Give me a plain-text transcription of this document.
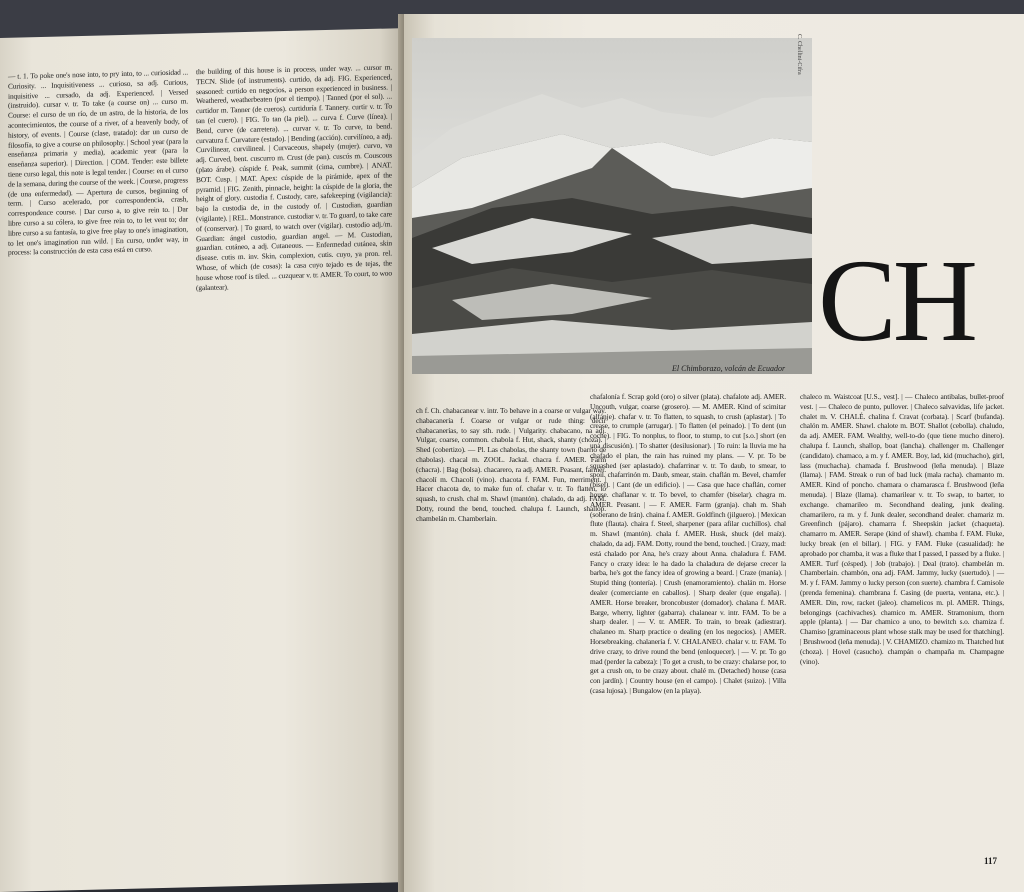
— t. 1. To poke one's nose into, to pry into, to ... curiosidad ... Curiosity. ... Inquisitiveness ... curioso, sa adj. Curious, inquisitive ... cursado, da adj. Experienced. | Versed (instruido). cursar v. tr. To take (a course on) ... curso m. Course: el curso de un río, de un astro, de la historia, de los acontecimientos, the course of a river, of a heavenly body, of history, of events. | Course (clase, tratado): dar un curso de filosofía, to give a course on philosophy. | School year (para la enseñanza primaria y media), academic year (para la enseñanza superior). | Direction. | COM. Tender: este billete tiene curso legal, this note is legal tender. | Course: en el curso de la semana, during the course of the week. | Course, progress (de una enfermedad). — Apertura de cursos, beginning of term. | Curso acelerado, por correspondencia, crash, correspondence course. | Dar curso a, to give rein to. | Dar libre curso a su cólera, to give free rein to, to let vent to; dar libre curso a su fantasía, to give free play to one's imagination, to let one's imagination run wild. | En curso, under way, in process: la construcción de esta casa está en curso.

the building of this house is in process, under way. ... cursor m. TECN. Slide (of instruments). curtido, da adj. FIG. Experienced, seasoned: curtido en negocios, a person experienced in business. | Weathered, weatherbeaten (por el tiempo). | Tanned (por el sol). ... curtidor m. Tanner (de cueros). curtiduría f. Tannery. curtir v. tr. To tan (el cuero). | FIG. To tan (la piel). ... curva f. Curve (línea). | Bend, curve (de carretera). ... curvar v. tr. To curve, to bend. curvatura f. Curvature (estado). | Bending (acción). curvilíneo, a adj. Curvilinear, curvilineal. | Curvaceous, shapely (mujer). curvo, va adj. Curved, bent. cuscurro m. Crust (de pan). cuscús m. Couscous (plato árabe). cúspide f. Peak, summit (cima, cumbre). | ANAT. BOT. Cusp. | MAT. Apex: cúspide de la pirámide, apex of the pyramid. | FIG. Zenith, pinnacle, height: la cúspide de la gloria, the height of glory. custodia f. Custody, care, safekeeping (vigilancia): bajo la custodia de, in the custody of. | Custodian, guardian (vigilante). | REL. Monstrance. custodiar v. tr. To guard, to take care of (conservar). | To guard, to watch over (vigilar). custodio adj./m. Guardian: ángel custodio, guardian angel. — M. Custodian, guardian. cutáneo, a adj. Cutaneous. — Enfermedad cutánea, skin disease. cutis m. inv. Skin, complexion, cutis. cuyo, ya pron. rel. Whose, of which (de cosas): la casa cuyo tejado es de tejas, the house whose roof is tiled. ... cuzquear v. tr. AMER. To court, to woo (galantear).

C. Chellini-Cifra
El Chimborazo, volcán de Ecuador
CH

ch f. Ch. chabacanear v. intr. To behave in a coarse or vulgar way. chabacanería f. Coarse or vulgar or rude thing: decir chabacanerías, to say sth. rude. | Vulgarity. chabacano, na adj. Vulgar, coarse, common. chabola f. Hut, shack, shanty (choza). | Shed (cobertizo). — Pl. Las chabolas, the shanty town (barrio de chabolas). chacal m. ZOOL. Jackal. chacra f. AMER. Farm (chacra). | Bag (bolsa). chacarero, ra adj. AMER. Peasant, farmer. chacolí m. Chacolí (vino). chacota f. FAM. Fun, merriment. | Hacer chacota de, to make fun of. chafar v. tr. To flatten, to squash, to crush. chal m. Shawl (mantón). chalado, da adj. FAM. Dotty, round the bend, touched. chalupa f. Launch, shallop. chambelán m. Chamberlain.

chafalonía f. Scrap gold (oro) o silver (plata). chafalote adj. AMER. Uncouth, vulgar, coarse (grosero). — M. AMER. Kind of scimitar (alfanje). chafar v. tr. To flatten, to squash, to crush (aplastar). | To crease, to crumple (arrugar). | To flatten (el peinado). | To dent (un coche). | FIG. To nonplus, to floor, to stump, to cut [s.o.] short (en una discusión). | To shatter (desilusionar). | To ruin: la lluvia me ha chafado el plan, the rain has ruined my plans. — V. pr. To be squashed (ser aplastado). chafarrinar v. tr. To daub, to smear, to spoil. chafarrinón m. Daub, smear, stain. chaflán m. Bevel, chamfer (bisel). | Cant (de un edificio). | — Casa que hace chaflán, corner house. chaflanar v. tr. To bevel, to chamfer (biselar). chagra m. AMER. Peasant. | — F. AMER. Farm (granja). chah m. Shah (soberano de Irán). chaina f. AMER. Goldfinch (jilguero). | Mexican flute (flauta). chaira f. Steel, sharpener (para afilar cuchillos). chal m. Shawl (mantón). chala f. AMER. Husk, shuck (del maíz). chalado, da adj. FAM. Dotty, round the bend, touched. | Crazy, mad: está chalado por Ana, he's crazy about Anna. chaladura f. FAM. Fancy o crazy idea: le ha dado la chaladura de dejarse crecer la barba, he's got the fancy idea of growing a beard. | Craze (manía). | Stupid thing (tontería). | Crush (enamoramiento). chalán m. Horse dealer (comerciante en caballos). | Sharp dealer (que engaña). | AMER. Horse breaker, broncobuster (domador). chalana f. MAR. Barge, wherry, lighter (gabarra). chalanear v. intr. FAM. To be a sharp dealer. | — V. tr. AMER. To train, to break (adiestrar). chalaneo m. Sharp practice o dealing (en los negocios). | AMER. Horsebreaking. chalanería f. V. CHALANEO. chalar v. tr. FAM. To drive crazy, to drive round the bend (enloquecer). | — V. pr. To go mad (perder la cabeza): | To get a crush, to be crazy: chalarse por, to get a crush on, to be crazy about. chalé m. (Detached) house (casa con jardín). | Country house (en el campo). | Chalet (suizo). | Villa (casa lujosa). | Bungalow (en la playa).

chaleco m. Waistcoat [U.S., vest]. | — Chaleco antibalas, bullet-proof vest. | — Chaleco de punto, pullover. | Chaleco salvavidas, life jacket. chalet m. V. CHALÉ. chalina f. Cravat (corbata). | Scarf (bufanda). chalón m. AMER. Shawl. chalote m. BOT. Shallot (cebolla). chaludo, da adj. AMER. FAM. Wealthy, well-to-do (que tiene mucho dinero). chalupa f. Launch, shallop, boat (lancha). challenger m. Challenger (candidato). chamaco, a m. y f. AMER. Boy, lad, kid (muchacho), girl, lass (muchacha). chamada f. Brushwood (leña menuda). | Blaze (llama). | FAM. Streak o run of bad luck (mala racha). chamanto m. AMER. Kind of poncho. chamara o chamarasca f. Brushwood (leña menuda). | Blaze (llama). chamarilear v. tr. To swap, to barter, to exchange. chamarileo m. Secondhand dealing, junk dealing. chamarilero, ra m. y f. Junk dealer, secondhand dealer. chamariz m. Greenfinch (pájaro). chamarra f. Sheepskin jacket (chaqueta). chamarro m. AMER. Serape (kind of shawl). chamba f. FAM. Fluke, lucky break (en el billar). | FIG. y FAM. Fluke (casualidad): he aprobado por chamba, it was a fluke that I passed, I passed by a fluke. | AMER. Turf (césped). | Job (trabajo). | Deal (trato). chambelán m. Chamberlain. chambón, ona adj. FAM. Jammy, lucky (suertudo). | — M. y f. FAM. Jammy o lucky person (con suerte). chambra f. Camisole (prenda femenina). chambrana f. Casing (de puerta, ventana, etc.). | AMER. Din, row, racket (jaleo). chamelicos m. pl. AMER. Things, belongings (cachivaches). chamico m. AMER. Stramonium, thorn apple (planta). | — Dar chamico a uno, to bewitch s.o. chamiza f. Chamiso [graminaceous plant whose stalk may be used for thatching]. | Brushwood (leña menuda). | V. CHAMIZO. chamizo m. Thatched hut (choza). | Hovel (casucho). champán o champaña m. Champagne (vino).

117
